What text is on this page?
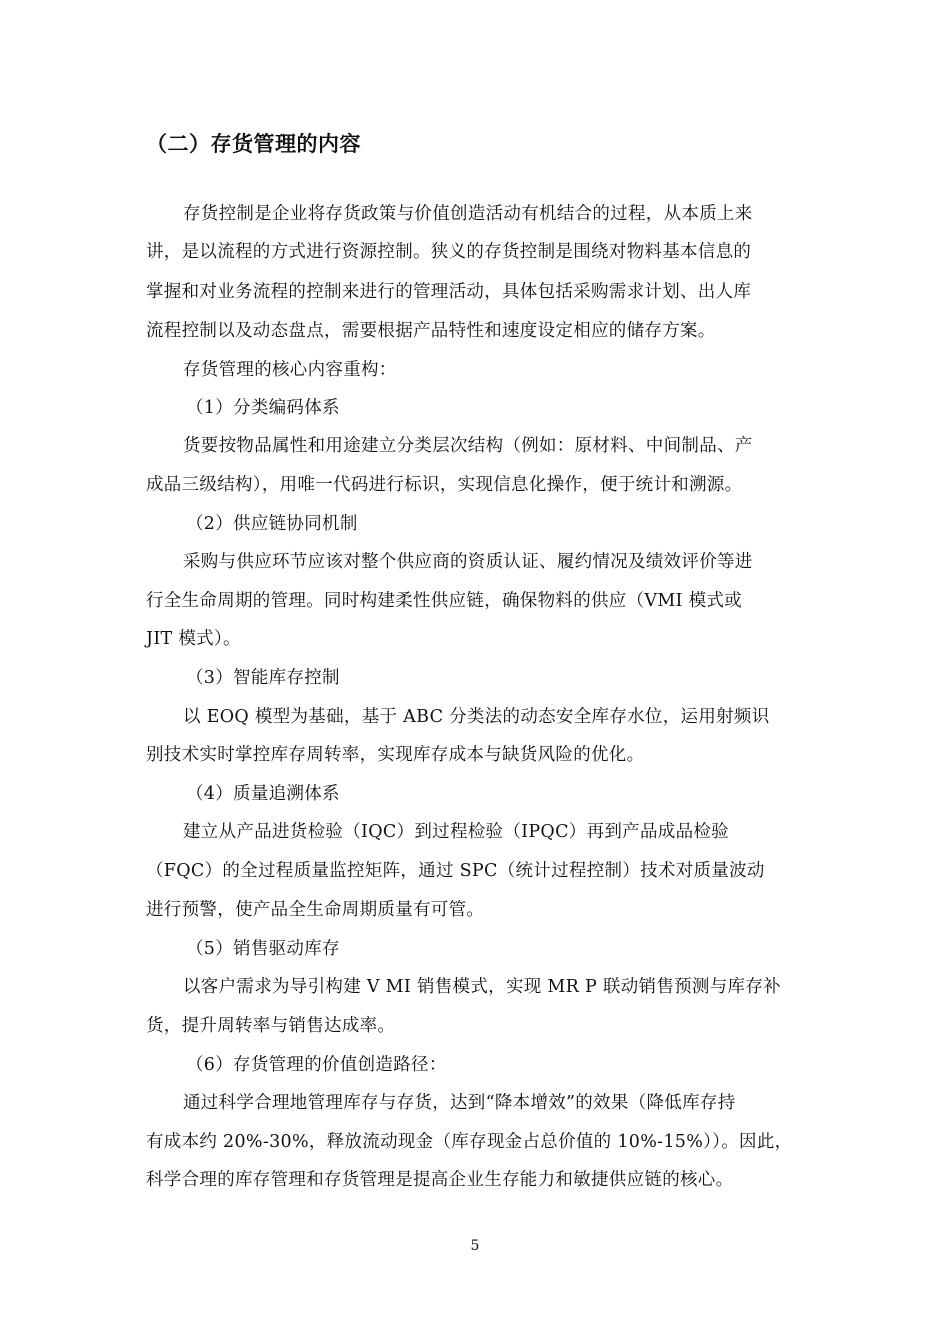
（二）存货管理的内容
存货控制是企业将存货政策与价值创造活动有机结合的过程，从本质上来
讲，是以流程的方式进行资源控制。狭义的存货控制是围绕对物料基本信息的
掌握和对业务流程的控制来进行的管理活动，具体包括采购需求计划、出人库
流程控制以及动态盘点，需要根据产品特性和速度设定相应的储存方案。
存货管理的核心内容重构：
（1）分类编码体系
货要按物品属性和用途建立分类层次结构（例如：原材料、中间制品、产
成品三级结构），用唯一代码进行标识，实现信息化操作，便于统计和溯源。
（2）供应链协同机制
采购与供应环节应该对整个供应商的资质认证、履约情况及绩效评价等进
行全生命周期的管理。同时构建柔性供应链，确保物料的供应（VMI 模式或
JIT 模式）。
（3）智能库存控制
以 EOQ 模型为基础，基于 ABC 分类法的动态安全库存水位，运用射频识
别技术实时掌控库存周转率，实现库存成本与缺货风险的优化。
（4）质量追溯体系
建立从产品进货检验（IQC）到过程检验（IPQC）再到产品成品检验
（FQC）的全过程质量监控矩阵，通过 SPC（统计过程控制）技术对质量波动
进行预警，使产品全生命周期质量有可管。
（5）销售驱动库存
以客户需求为导引构建 V MI 销售模式，实现 MR P 联动销售预测与库存补
货，提升周转率与销售达成率。
（6）存货管理的价值创造路径：
通过科学合理地管理库存与存货，达到“降本增效”的效果（降低库存持
有成本约 20%-30%，释放流动现金（库存现金占总价值的 10%-15%））。因此，
科学合理的库存管理和存货管理是提高企业生存能力和敏捷供应链的核心。
5
